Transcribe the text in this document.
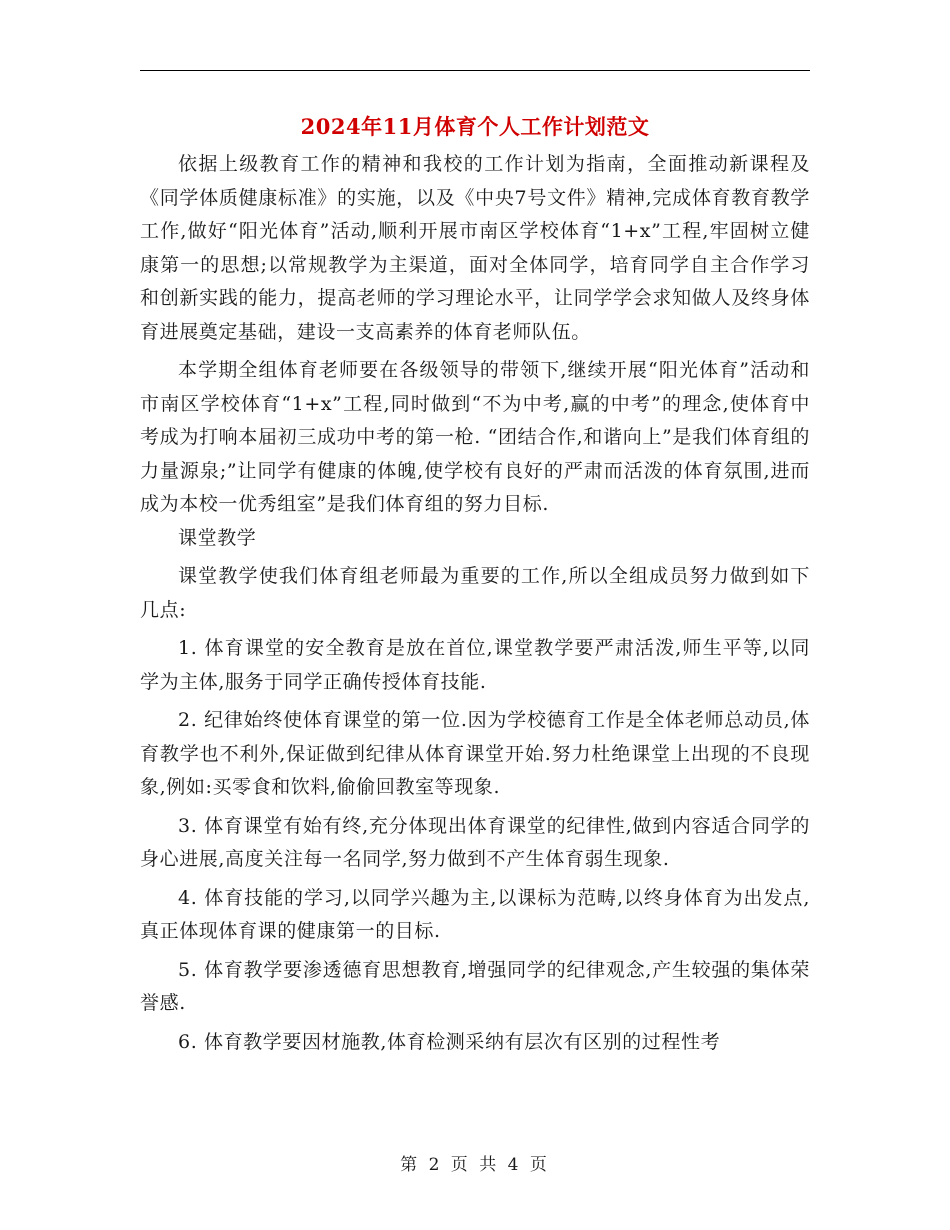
2024年11月体育个人工作计划范文

依据上级教育工作的精神和我校的工作计划为指南，全面推动新课程及《同学体质健康标准》的实施，以及《中央7号文件》精神,完成体育教育教学工作,做好“阳光体育”活动,顺利开展市南区学校体育“1+x”工程,牢固树立健康第一的思想;以常规教学为主渠道，面对全体同学，培育同学自主合作学习和创新实践的能力，提高老师的学习理论水平，让同学学会求知做人及终身体育进展奠定基础，建设一支高素养的体育老师队伍。

本学期全组体育老师要在各级领导的带领下,继续开展“阳光体育”活动和市南区学校体育“1+x”工程,同时做到“不为中考,赢的中考”的理念,使体育中考成为打响本届初三成功中考的第一枪. “团结合作,和谐向上”是我们体育组的力量源泉;”让同学有健康的体魄,使学校有良好的严肃而活泼的体育氛围,进而成为本校一优秀组室”是我们体育组的努力目标.

课堂教学

课堂教学使我们体育组老师最为重要的工作,所以全组成员努力做到如下几点:

1. 体育课堂的安全教育是放在首位,课堂教学要严肃活泼,师生平等,以同学为主体,服务于同学正确传授体育技能.

2. 纪律始终使体育课堂的第一位.因为学校德育工作是全体老师总动员,体育教学也不利外,保证做到纪律从体育课堂开始.努力杜绝课堂上出现的不良现象,例如:买零食和饮料,偷偷回教室等现象.

3. 体育课堂有始有终,充分体现出体育课堂的纪律性,做到内容适合同学的身心进展,高度关注每一名同学,努力做到不产生体育弱生现象.

4. 体育技能的学习,以同学兴趣为主,以课标为范畴,以终身体育为出发点,真正体现体育课的健康第一的目标.

5. 体育教学要渗透德育思想教育,增强同学的纪律观念,产生较强的集体荣誉感.

6. 体育教学要因材施教,体育检测采纳有层次有区别的过程性考

第 2 页 共 4 页
